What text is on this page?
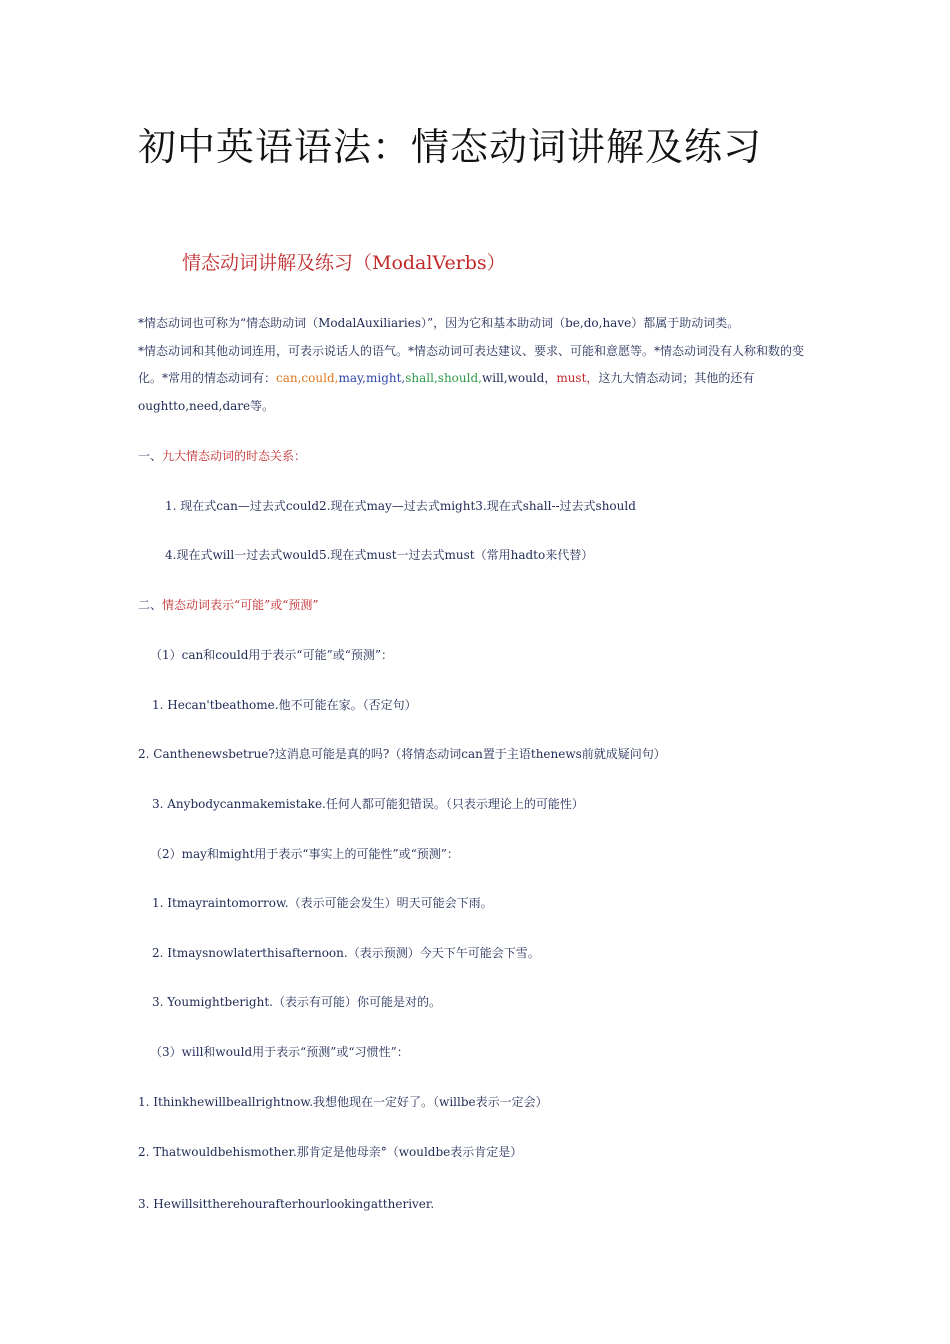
初中英语语法：情态动词讲解及练习
情态动词讲解及练习（ModalVerbs）

*情态动词也可称为“情态助动词（ModalAuxiliaries）”，因为它和基本助动词（be,do,have）都属于助动词类。

*情态动词和其他动词连用，可表示说话人的语气。*情态动词可表达建议、要求、可能和意愿等。*情态动词没有人称和数的变化。*常用的情态动词有：can,could,may,might,shall,should,will,would，must，这九大情态动词；其他的还有oughtto,need,dare等。

一、九大情态动词的时态关系：
1. 现在式can—过去式could2.现在式may—过去式might3.现在式shall--过去式should
4.现在式will一过去式would5.现在式must一过去式must（常用hadto来代替）
二、情态动词表示“可能”或“预测”
（1）can和could用于表示“可能”或“预测”：
1. Hecan'tbeathome.他不可能在家。（否定句）
2. Canthenewsbetrue?这消息可能是真的吗?（将情态动词can置于主语thenews前就成疑问句）
3. Anybodycanmakemistake.任何人都可能犯错误。（只表示理论上的可能性）
（2）may和might用于表示“事实上的可能性”或“预测”：
1. Itmayraintomorrow.（表示可能会发生）明天可能会下雨。
2. Itmaysnowlaterthisafternoon.（表示预测）今天下午可能会下雪。
3. Youmightberight.（表示有可能）你可能是对的。
（3）will和would用于表示“预测”或“习惯性”：
1. Ithinkhewillbeallrightnow.我想他现在一定好了。（willbe表示一定会）
2. Thatwouldbehismother.那肯定是他母亲°（wouldbe表示肯定是）
3. Hewillsittherehourafterhourlookingattheriver.
